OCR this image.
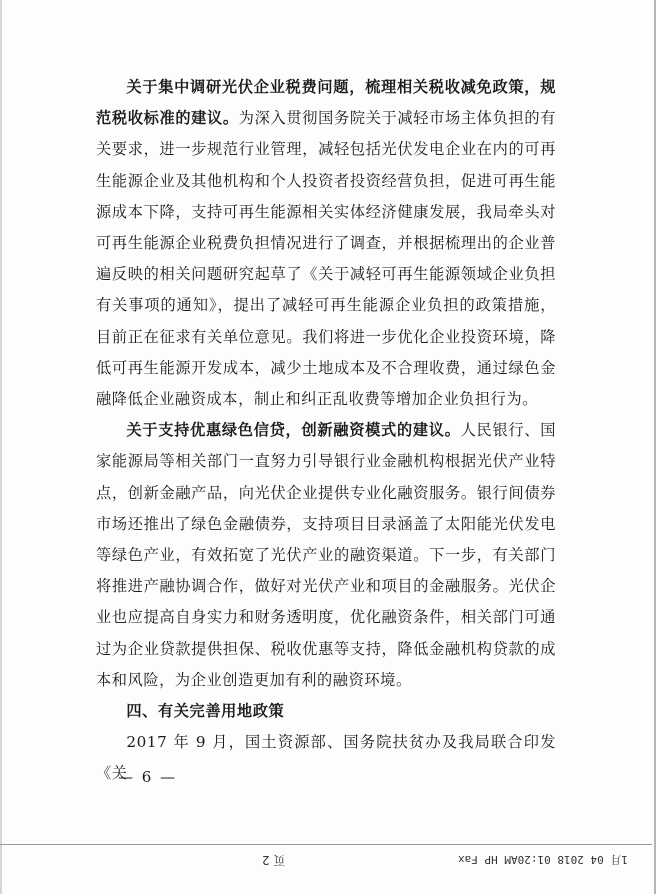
关于集中调研光伏企业税费问题，梳理相关税收减免政策，规范税收标准的建议。为深入贯彻国务院关于减轻市场主体负担的有关要求，进一步规范行业管理，减轻包括光伏发电企业在内的可再生能源企业及其他机构和个人投资者投资经营负担，促进可再生能源成本下降，支持可再生能源相关实体经济健康发展，我局牵头对可再生能源企业税费负担情况进行了调查，并根据梳理出的企业普遍反映的相关问题研究起草了《关于减轻可再生能源领域企业负担有关事项的通知》，提出了减轻可再生能源企业负担的政策措施，目前正在征求有关单位意见。我们将进一步优化企业投资环境，降低可再生能源开发成本，减少土地成本及不合理收费，通过绿色金融降低企业融资成本，制止和纠正乱收费等增加企业负担行为。

关于支持优惠绿色信贷，创新融资模式的建议。人民银行、国家能源局等相关部门一直努力引导银行业金融机构根据光伏产业特点，创新金融产品，向光伏企业提供专业化融资服务。银行间债券市场还推出了绿色金融债券，支持项目目录涵盖了太阳能光伏发电等绿色产业，有效拓宽了光伏产业的融资渠道。下一步，有关部门将推进产融协调合作，做好对光伏产业和项目的金融服务。光伏企业也应提高自身实力和财务透明度，优化融资条件，相关部门可通过为企业贷款提供担保、税收优惠等支持，降低金融机构贷款的成本和风险，为企业创造更加有利的融资环境。

四、有关完善用地政策

2017 年 9 月，国土资源部、国务院扶贫办及我局联合印发《关

— 6 —
页 2	1月 04 2018 01:20AM HP Fax
